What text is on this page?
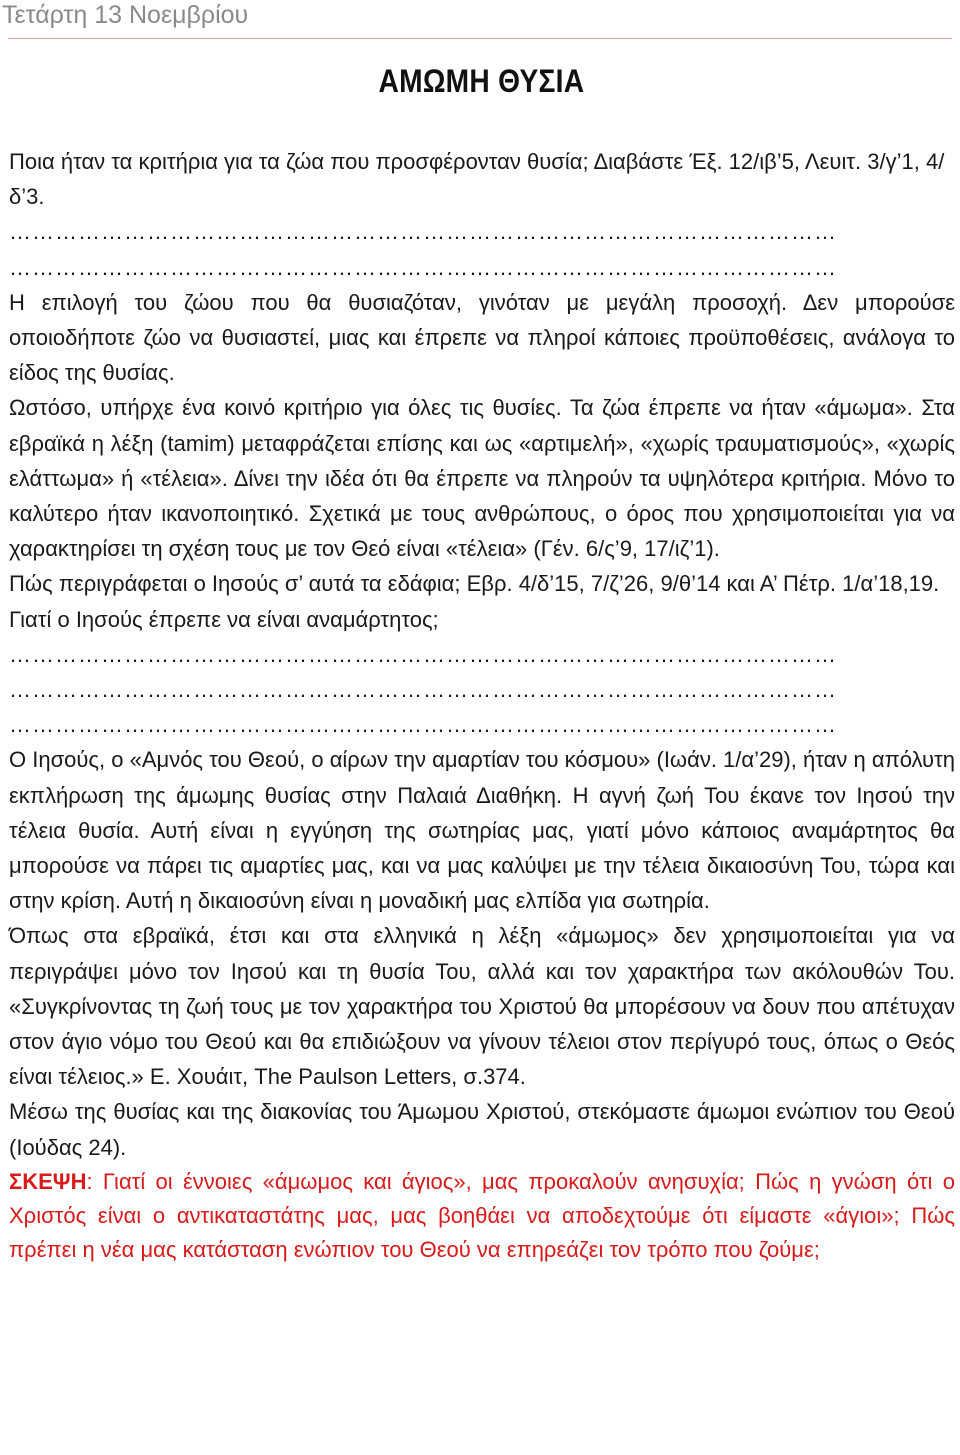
Τετάρτη 13 Νοεμβρίου
ΑΜΩΜΗ ΘΥΣΙΑ

Ποια ήταν τα κριτήρια για τα ζώα που προσφέρονταν θυσία; Διαβάστε Έξ. 12/ιβ’5, Λευιτ. 3/γ’1, 4/δ’3.

………………………………………………………………………………………………

………………………………………………………………………………………………

Η επιλογή του ζώου που θα θυσιαζόταν, γινόταν με μεγάλη προσοχή. Δεν μπορούσε οποιοδήποτε ζώο να θυσιαστεί, μιας και έπρεπε να πληροί κάποιες προϋποθέσεις, ανάλογα το είδος της θυσίας.

Ωστόσο, υπήρχε ένα κοινό κριτήριο για όλες τις θυσίες. Τα ζώα έπρεπε να ήταν «άμωμα». Στα εβραϊκά η λέξη (tamim) μεταφράζεται επίσης και ως «αρτιμελή», «χωρίς τραυματισμούς», «χωρίς ελάττωμα» ή «τέλεια». Δίνει την ιδέα ότι θα έπρεπε να πληρούν τα υψηλότερα κριτήρια. Μόνο το καλύτερο ήταν ικανοποιητικό. Σχετικά με τους ανθρώπους, ο όρος που χρησιμοποιείται για να χαρακτηρίσει τη σχέση τους με τον Θεό είναι «τέλεια» (Γέν. 6/ς’9, 17/ιζ’1).

Πώς περιγράφεται ο Ιησούς σ’ αυτά τα εδάφια; Εβρ. 4/δ’15, 7/ζ’26, 9/θ’14 και Α’ Πέτρ. 1/α’18,19. Γιατί ο Ιησούς έπρεπε να είναι αναμάρτητος;

………………………………………………………………………………………………

………………………………………………………………………………………………

………………………………………………………………………………………………

Ο Ιησούς, ο «Αμνός του Θεού, ο αίρων την αμαρτίαν του κόσμου» (Ιωάν. 1/α’29), ήταν η απόλυτη εκπλήρωση της άμωμης θυσίας στην Παλαιά Διαθήκη. Η αγνή ζωή Του έκανε τον Ιησού την τέλεια θυσία. Αυτή είναι η εγγύηση της σωτηρίας μας, γιατί μόνο κάποιος αναμάρτητος θα μπορούσε να πάρει τις αμαρτίες μας, και να μας καλύψει με την τέλεια δικαιοσύνη Του, τώρα και στην κρίση. Αυτή η δικαιοσύνη είναι η μοναδική μας ελπίδα για σωτηρία.

Όπως στα εβραϊκά, έτσι και στα ελληνικά η λέξη «άμωμος» δεν χρησιμοποιείται για να περιγράψει μόνο τον Ιησού και τη θυσία Του, αλλά και τον χαρακτήρα των ακόλουθών Του. «Συγκρίνοντας τη ζωή τους με τον χαρακτήρα του Χριστού θα μπορέσουν να δουν που απέτυχαν στον άγιο νόμο του Θεού και θα επιδιώξουν να γίνουν τέλειοι στον περίγυρό τους, όπως ο Θεός είναι τέλειος.» Ε. Χουάιτ, The Paulson Letters, σ.374.

Μέσω της θυσίας και της διακονίας του Άμωμου Χριστού, στεκόμαστε άμωμοι ενώπιον του Θεού (Ιούδας 24).

ΣΚΕΨΗ: Γιατί οι έννοιες «άμωμος και άγιος», μας προκαλούν ανησυχία; Πώς η γνώση ότι ο Χριστός είναι ο αντικαταστάτης μας, μας βοηθάει να αποδεχτούμε ότι είμαστε «άγιοι»; Πώς πρέπει η νέα μας κατάσταση ενώπιον του Θεού να επηρεάζει τον τρόπο που ζούμε;
